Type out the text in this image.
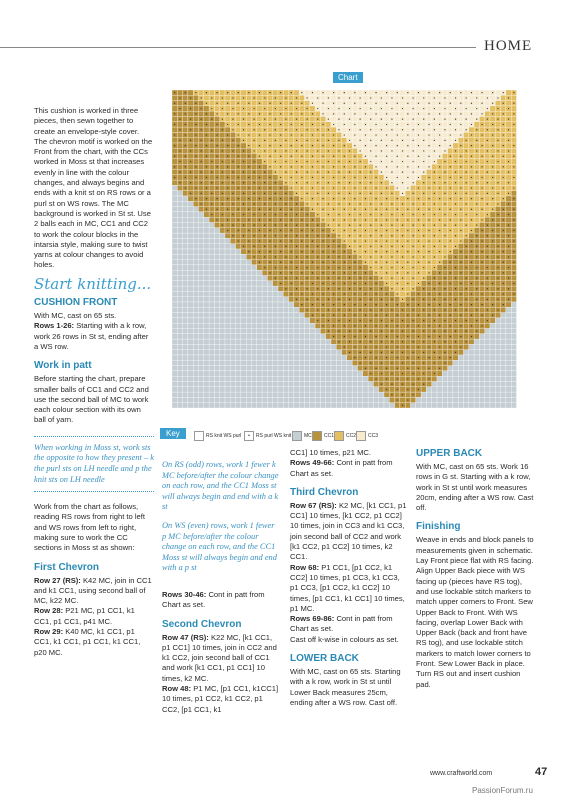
HOME

This cushion is worked in three pieces, then sewn together to create an envelope-style cover. The chevron motif is worked on the Front from the chart, with the CCs worked in Moss st that increases evenly in line with the colour changes, and always begins and ends with a knit st on RS rows or a purl st on WS rows. The MC background is worked in St st. Use 2 balls each in MC, CC1 and CC2 to work the colour blocks in the intarsia style, making sure to twist yarns at colour changes to avoid holes.

Start knitting...
CUSHION FRONT

With MC, cast on 65 sts.
Rows 1-26: Starting with a k row, work 26 rows in St st, ending after a WS row.

Work in patt

Before starting the chart, prepare smaller balls of CC1 and CC2 and use the second ball of MC to work each colour section with its own ball of yarn.

When working in Moss st, work sts the opposite to how they present – k the purl sts on LH needle and p the knit sts on LH needle

Work from the chart as follows, reading RS rows from right to left and WS rows from left to right, making sure to work the CC sections in Moss st as shown:

First Chevron

Row 27 (RS): K42 MC, join in CC1 and k1 CC1, using second ball of MC, k22 MC.

Row 28: P21 MC, p1 CC1, k1 CC1, p1 CC1, p41 MC.

Row 29: K40 MC, k1 CC1, p1 CC1, k1 CC1, p1 CC1, k1 CC1, p20 MC.

Chart
Key	RS knit WS purl	•	RS purl WS knit	MC CC1 CC2 CC3

On RS (odd) rows, work 1 fewer k MC before/after the colour change on each row, and the CC1 Moss st will always begin and end with a k st

On WS (even) rows, work 1 fewer p MC before/after the colour change on each row, and the CC1 Moss st will always begin and end with a p st

Rows 30-46: Cont in patt from Chart as set.

Second Chevron

Row 47 (RS): K22 MC, [k1 CC1, p1 CC1] 10 times, join in CC2 and k1 CC2, join second ball of CC1 and work [k1 CC1, p1 CC1] 10 times, k2 MC.

Row 48: P1 MC, [p1 CC1, k1CC1] 10 times, p1 CC2, k1 CC2, p1 CC2, [p1 CC1, k1

CC1] 10 times, p21 MC.

Rows 49-66: Cont in patt from Chart as set.

Third Chevron

Row 67 (RS): K2 MC, [k1 CC1, p1 CC1] 10 times, [k1 CC2, p1 CC2] 10 times, join in CC3 and k1 CC3, join second ball of CC2 and work [k1 CC2, p1 CC2] 10 times, k2 CC1.

Row 68: P1 CC1, [p1 CC2, k1 CC2] 10 times, p1 CC3, k1 CC3, p1 CC3, [p1 CC2, k1 CC2] 10 times, [p1 CC1, k1 CC1] 10 times, p1 MC.

Rows 69-86: Cont in patt from Chart as set.

Cast off k-wise in colours as set.

LOWER BACK

With MC, cast on 65 sts. Starting with a k row, work in St st until Lower Back measures 25cm, ending after a WS row. Cast off.

UPPER BACK

With MC, cast on 65 sts. Work 16 rows in G st. Starting with a k row, work in St st until work measures 20cm, ending after a WS row. Cast off.

Finishing

Weave in ends and block panels to measurements given in schematic. Lay Front piece flat with RS facing. Align Upper Back piece with WS facing up (pieces have RS tog), and use lockable stitch markers to match upper corners to Front. Sew Upper Back to Front. With WS facing, overlap Lower Back with Upper Back (back and front have RS tog), and use lockable stitch markers to match lower corners to Front. Sew Lower Back in place. Turn RS out and insert cushion pad.

www.craftworld.com	47
PassionForum.ru
